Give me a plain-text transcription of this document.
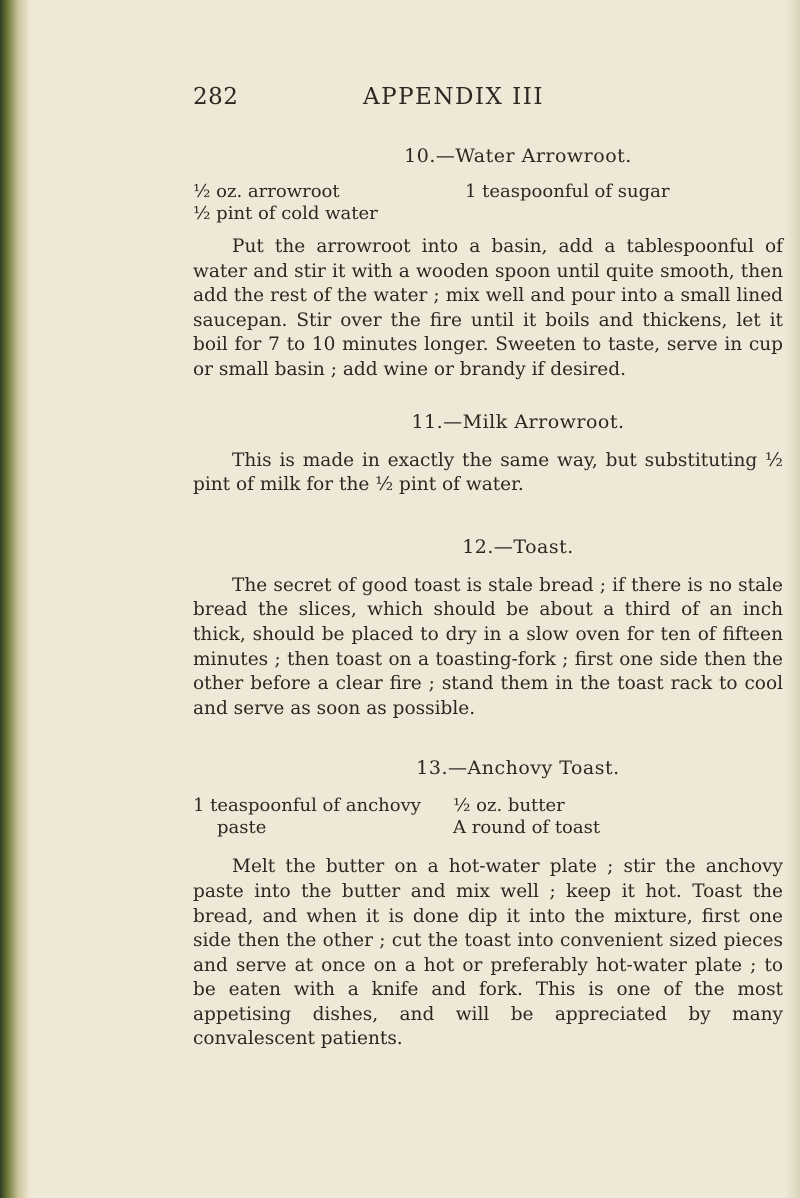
282	APPENDIX III
10.—Water Arrowroot.
½ oz. arrowroot
½ pint of cold water
1 teaspoonful of sugar

Put the arrowroot into a basin, add a tablespoonful of water and stir it with a wooden spoon until quite smooth, then add the rest of the water ; mix well and pour into a small lined saucepan. Stir over the fire until it boils and thickens, let it boil for 7 to 10 minutes longer. Sweeten to taste, serve in cup or small basin ; add wine or brandy if desired.

11.—Milk Arrowroot.

This is made in exactly the same way, but substituting ½ pint of milk for the ½ pint of water.

12.—Toast.

The secret of good toast is stale bread ; if there is no stale bread the slices, which should be about a third of an inch thick, should be placed to dry in a slow oven for ten of fifteen minutes ; then toast on a toasting-fork ; first one side then the other before a clear fire ; stand them in the toast rack to cool and serve as soon as possible.

13.—Anchovy Toast.
1 teaspoonful of anchovy
paste
½ oz. butter
A round of toast

Melt the butter on a hot-water plate ; stir the anchovy paste into the butter and mix well ; keep it hot. Toast the bread, and when it is done dip it into the mixture, first one side then the other ; cut the toast into convenient sized pieces and serve at once on a hot or preferably hot-water plate ; to be eaten with a knife and fork. This is one of the most appetising dishes, and will be appreciated by many convalescent patients.
